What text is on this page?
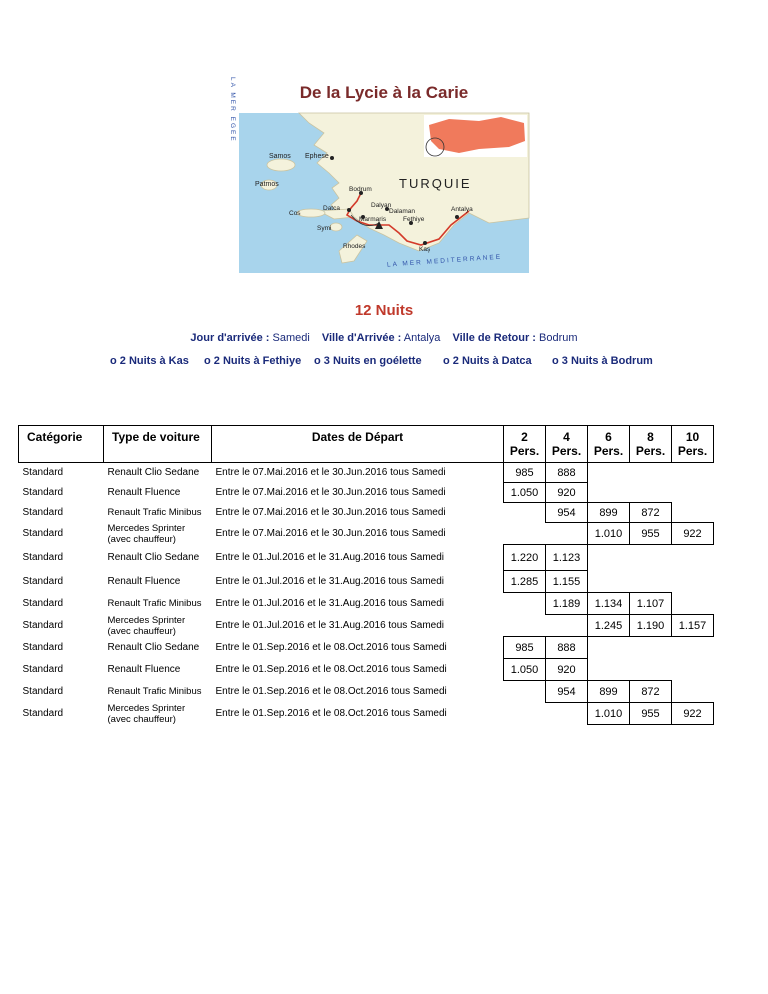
De la Lycie à la Carie
LA MER EGEE
Samos Ephese
Patmos	TURQUIE
Bodrum
Dalyan
Datca
Marmaris
Dalaman
Fethiye
Antalya
Cos
Symi
Rhodes	Kaş
LA MER MEDITERRANEE
12 Nuits
Jour d'arrivée : Samedi Ville d'Arrivée : Antalya Ville de Retour : Bodrum
o 2 Nuits à Kas o 2 Nuits à Fethiye o 3 Nuits en goélette o 2 Nuits à Datca o 3 Nuits à Bodrum
Catégorie	Type de voiture	Dates de Départ	2 Pers.	4 Pers.	6 Pers.	8 Pers.	10 Pers.
Standard	Renault Clio Sedane	Entre le 07.Mai.2016 et le 30.Jun.2016 tous Samedi	985	888			
Standard	Renault Fluence	Entre le 07.Mai.2016 et le 30.Jun.2016 tous Samedi	1.050	920			
Standard	Renault Trafic Minibus	Entre le 07.Mai.2016 et le 30.Jun.2016 tous Samedi		954	899	872	
Standard	Mercedes Sprinter (avec chauffeur)	Entre le 07.Mai.2016 et le 30.Jun.2016 tous Samedi			1.010	955	922
Standard	Renault Clio Sedane	Entre le 01.Jul.2016 et le 31.Aug.2016 tous Samedi	1.220	1.123			
Standard	Renault Fluence	Entre le 01.Jul.2016 et le 31.Aug.2016 tous Samedi	1.285	1.155			
Standard	Renault Trafic Minibus	Entre le 01.Jul.2016 et le 31.Aug.2016 tous Samedi		1.189	1.134	1.107	
Standard	Mercedes Sprinter (avec chauffeur)	Entre le 01.Jul.2016 et le 31.Aug.2016 tous Samedi			1.245	1.190	1.157
Standard	Renault Clio Sedane	Entre le 01.Sep.2016 et le 08.Oct.2016 tous Samedi	985	888			
Standard	Renault Fluence	Entre le 01.Sep.2016 et le 08.Oct.2016 tous Samedi	1.050	920			
Standard	Renault Trafic Minibus	Entre le 01.Sep.2016 et le 08.Oct.2016 tous Samedi		954	899	872	
Standard	Mercedes Sprinter (avec chauffeur)	Entre le 01.Sep.2016 et le 08.Oct.2016 tous Samedi			1.010	955	922
